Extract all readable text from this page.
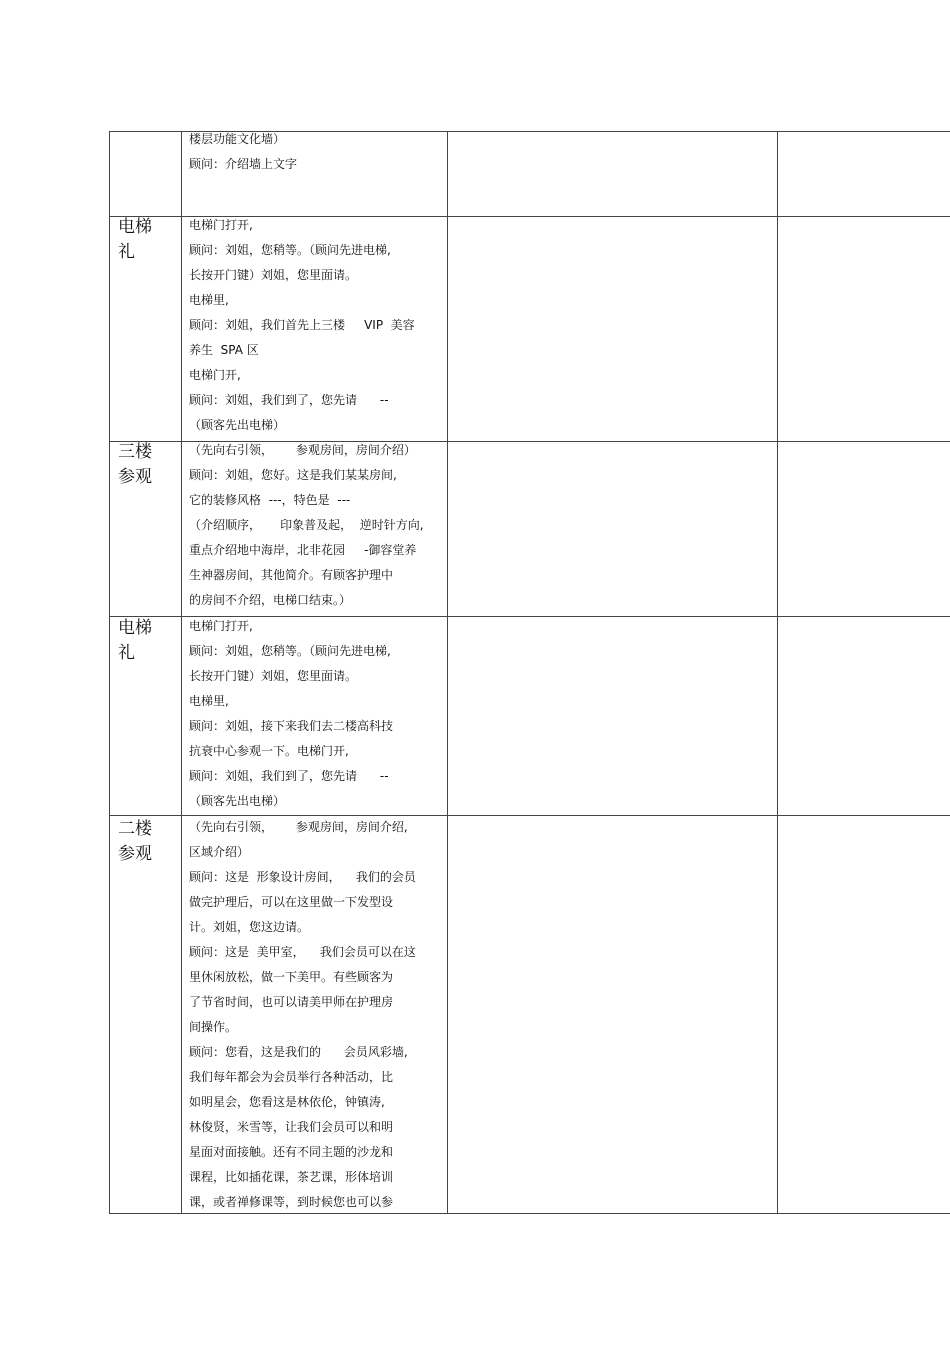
楼层功能文化墙）
顾问：介绍墙上文字
电梯
礼
电梯门打开,
顾问：刘姐，您稍等。（顾问先进电梯,
长按开门键）刘姐，您里面请。
电梯里,
顾问：刘姐，我们首先上三楼     VIP  美容
养生  SPA 区
电梯门开,
顾问：刘姐，我们到了，您先请      --
（顾客先出电梯）
三楼
参观
（先向右引领，      参观房间，房间介绍）
顾问：刘姐，您好。这是我们某某房间,
它的装修风格  ---，特色是  ---
（介绍顺序，     印象普及起，  逆时针方向,
重点介绍地中海岸，北非花园     -御容堂养
生神器房间，其他简介。有顾客护理中
的房间不介绍，电梯口结束。）
电梯
礼
电梯门打开,
顾问：刘姐，您稍等。（顾问先进电梯,
长按开门键）刘姐，您里面请。
电梯里,
顾问：刘姐，接下来我们去二楼高科技
抗衰中心参观一下。电梯门开,
顾问：刘姐，我们到了，您先请      --
（顾客先出电梯）
二楼
参观
（先向右引领，      参观房间，房间介绍,
区域介绍）
顾问：这是  形象设计房间，    我们的会员
做完护理后，可以在这里做一下发型设
计。刘姐，您这边请。
顾问：这是  美甲室，    我们会员可以在这
里休闲放松，做一下美甲。有些顾客为
了节省时间，也可以请美甲师在护理房
间操作。
顾问：您看，这是我们的      会员风彩墙,
我们每年都会为会员举行各种活动，比
如明星会，您看这是林依伦，钟镇涛,
林俊贤，米雪等，让我们会员可以和明
星面对面接触。还有不同主题的沙龙和
课程，比如插花课，茶艺课，形体培训
课，或者禅修课等，到时候您也可以参
